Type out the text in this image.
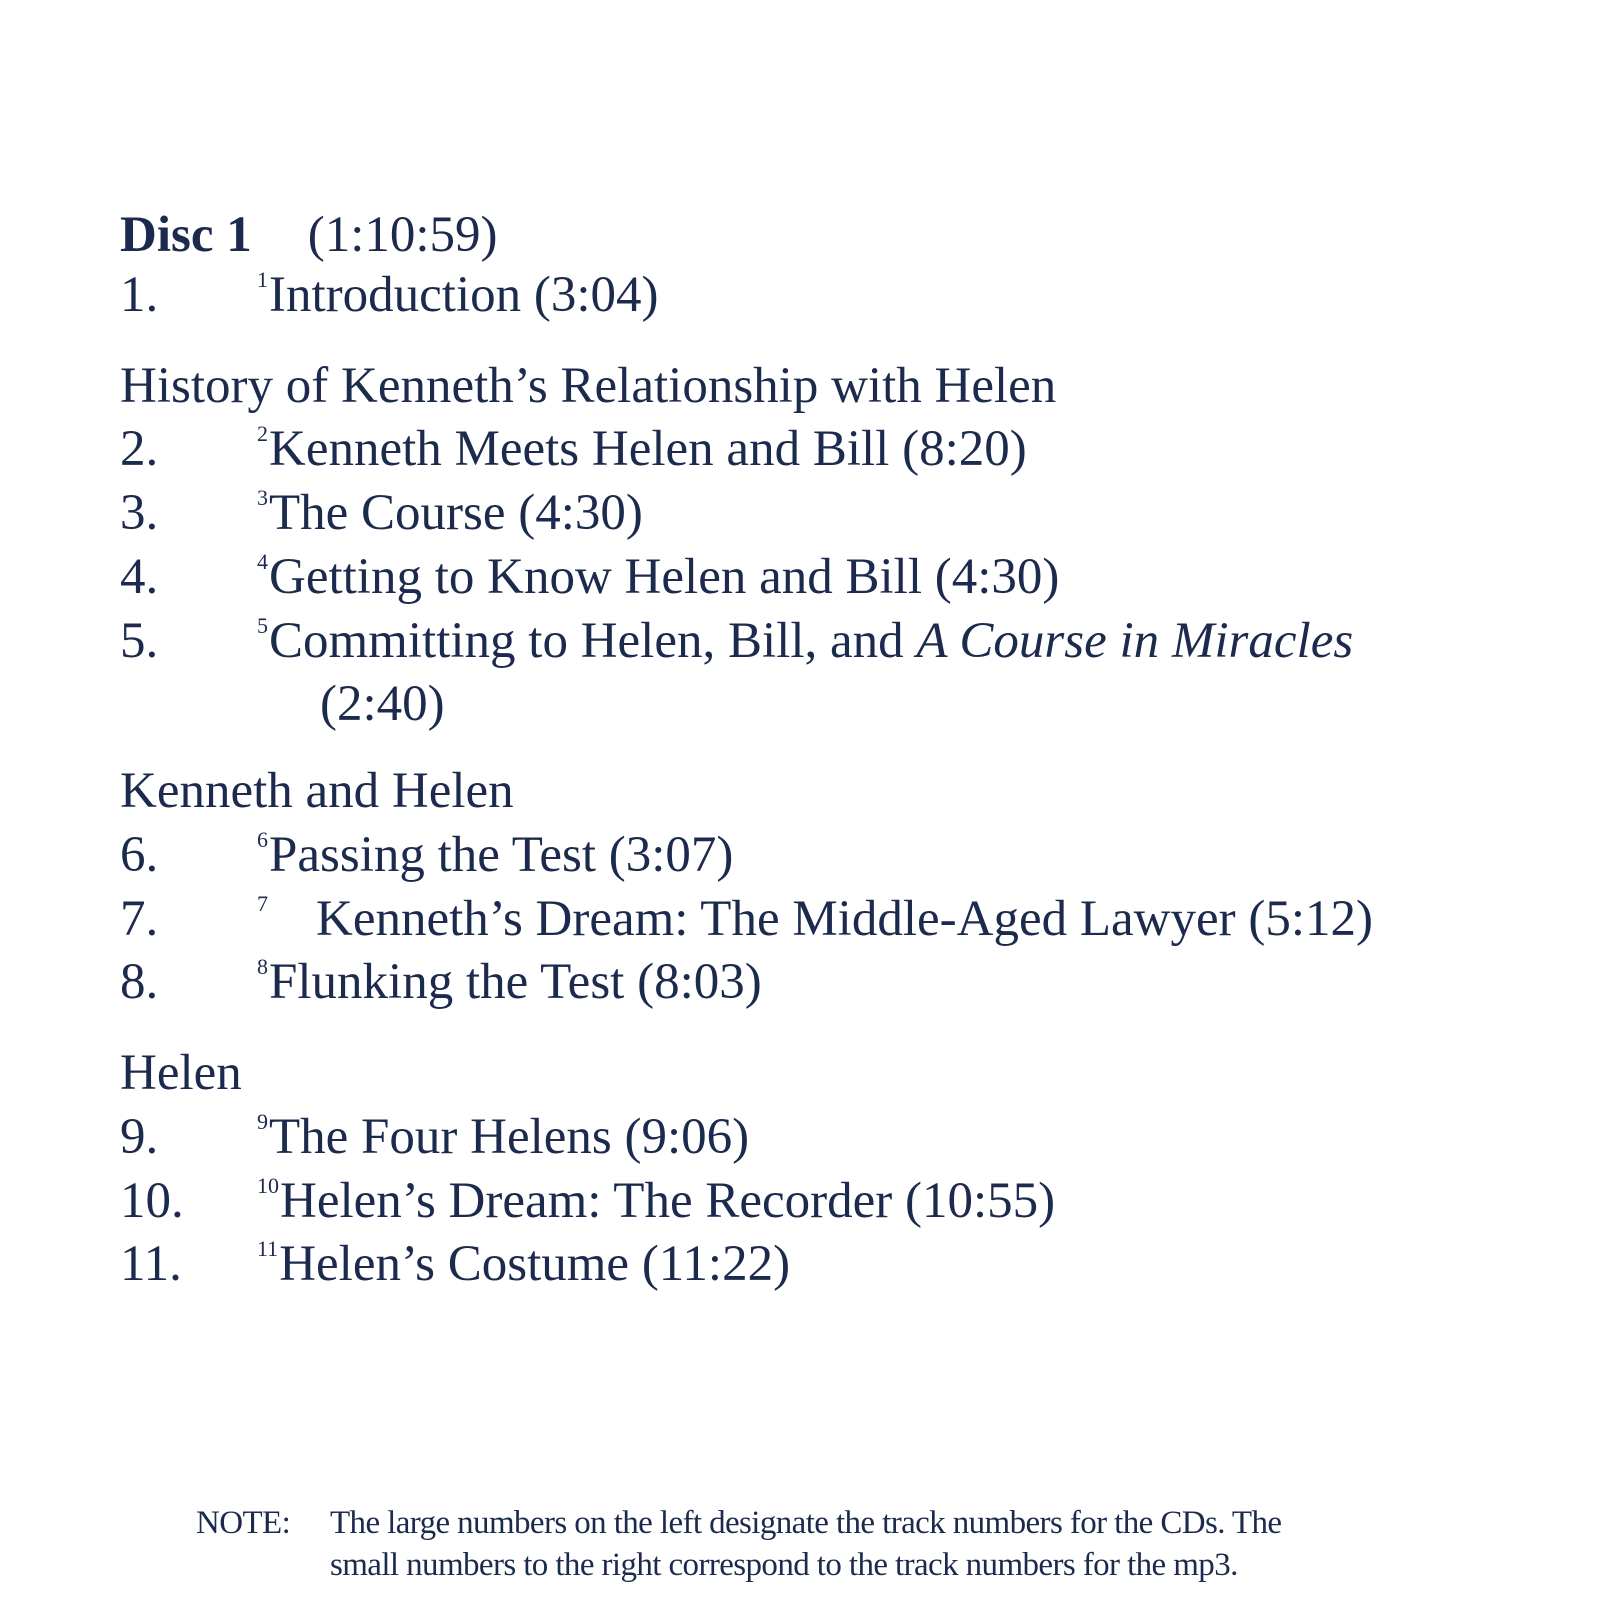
Disc 1 (1:10:59)
1.	$^1$Introduction (3:04)
History of Kenneth’s Relationship with Helen
2.	$^2$Kenneth Meets Helen and Bill (8:20)
3.	$^3$The Course (4:30)
4.	$^4$Getting to Know Helen and Bill (4:30)
5.	$^5$Committing to Helen, Bill, and A Course in Miracles
(2:40)
Kenneth and Helen
6.	$^6$Passing the Test (3:07)
7.	$^7$ Kenneth’s Dream: The Middle-Aged Lawyer (5:12)
8.	$^8$Flunking the Test (8:03)
Helen
9.	$^9$The Four Helens (9:06)
10.	$^{10}$Helen’s Dream: The Recorder (10:55)
11.	$^{11}$Helen’s Costume (11:22)
NOTE: The large numbers on the left designate the track numbers for the CDs. The
small numbers to the right correspond to the track numbers for the mp3.
